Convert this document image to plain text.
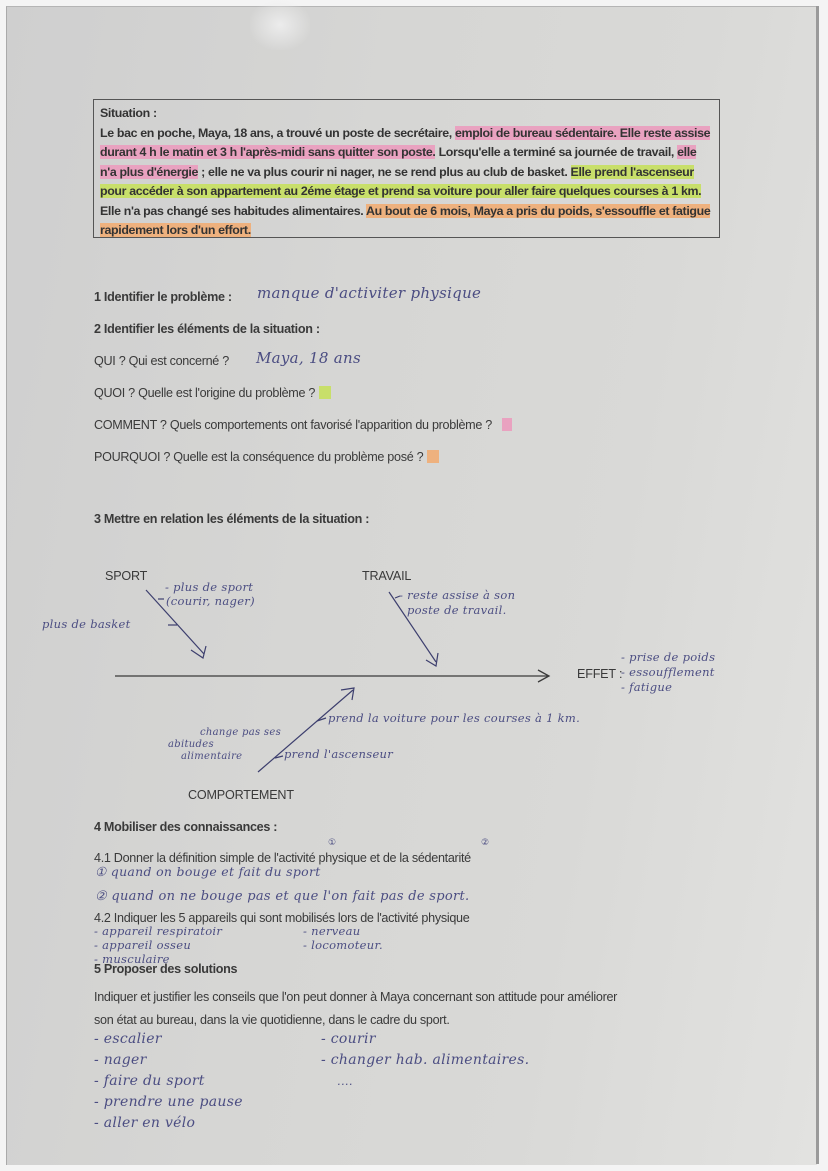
Situation :
Le bac en poche, Maya, 18 ans, a trouvé un poste de secrétaire, emploi de bureau sédentaire. Elle reste assise durant 4 h le matin et 3 h l'après-midi sans quitter son poste. Lorsqu'elle a terminé sa journée de travail, elle n'a plus d'énergie ; elle ne va plus courir ni nager, ne se rend plus au club de basket. Elle prend l'ascenseur pour accéder à son appartement au 2éme étage et prend sa voiture pour aller faire quelques courses à 1 km. Elle n'a pas changé ses habitudes alimentaires. Au bout de 6 mois, Maya a pris du poids, s'essouffle et fatigue rapidement lors d'un effort.
1 Identifier le problème : manque d'activiter physique
2 Identifier les éléments de la situation :
QUI ? Qui est concerné ? Maya, 18 ans
QUOI ? Quelle est l'origine du problème ?
COMMENT ? Quels comportements ont favorisé l'apparition du problème ?
POURQUOI ? Quelle est la conséquence du problème posé ?
3 Mettre en relation les éléments de la situation :
SPORT
- plus de sport
(courir, nager)
plus de basket
TRAVAIL
- reste assise à son
poste de travail.
EFFET :
- prise de poids
- essoufflement
- fatigue
prend la voiture pour les courses à 1 km.
prend l'ascenseur
change pas ses
abitudes
alimentaire
COMPORTEMENT
4 Mobiliser des connaissances :
①	②
4.1 Donner la définition simple de l'activité physique et de la sédentarité
① quand on bouge et fait du sport
② quand on ne bouge pas et que l'on fait pas de sport.
4.2 Indiquer les 5 appareils qui sont mobilisés lors de l'activité physique
- appareil respiratoir
- appareil osseu
- musculaire
- nerveau
- locomoteur.
5 Proposer des solutions
Indiquer et justifier les conseils que l'on peut donner à Maya concernant son attitude pour améliorer
son état au bureau, dans la vie quotidienne, dans le cadre du sport.
- escalier
- nager
- faire du sport
- prendre une pause
- aller en vélo
- courir
- changer hab. alimentaires.
....
